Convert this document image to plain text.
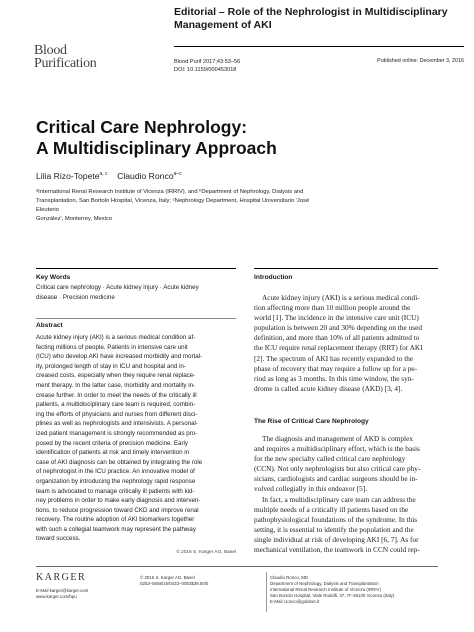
Editorial – Role of the Nephrologist in Multidisciplinary
Management of AKI
Blood
Purification	Blood Purif 2017;43:53–56
DOI: 10.1159/000453018
Published online: December 3, 2016
Critical Care Nephrology:
A Multidisciplinary Approach
Lilia Rizo-Topete$^{a, c}$ Claudio Ronco$^{a-c}$
ᵃInternational Renal Research Institute of Vicenza (IRRIV), and ᵇDepartment of Nephrology, Dialysis and
Transplantation, San Bortolo Hospital, Vicenza, Italy; ᶜNephrology Department, Hospital Universitario 'José Eleuterio
González', Monterrey, Mexico
Key Words
Critical care nephrology · Acute kidney injury · Acute kidney
disease · Precision medicine
Abstract
Acute kidney injury (AKI) is a serious medical condition af-
fecting millions of people. Patients in intensive care unit
(ICU) who develop AKI have increased morbidity and mortal-
ity, prolonged length of stay in ICU and hospital and in-
creased costs, especially when they require renal replace-
ment therapy. In the latter case, morbidity and mortality in-
crease further. In order to meet the needs of the critically ill
patients, a multidisciplinary care team is required, combin-
ing the efforts of physicians and nurses from different disci-
plines as well as nephrologists and intensivists. A personal-
ized patient management is strongly recommended as pro-
posed by the recent criteria of precision medicine. Early
identification of patients at risk and timely intervention in
case of AKI diagnosis can be obtained by integrating the role
of nephrologist in the ICU practice. An innovative model of
organization by introducing the nephrology rapid response
team is advocated to manage critically ill patients with kid-
ney problems in order to make early diagnosis and interven-
tions, to reduce progression toward CKD and improve renal
recovery. The routine adoption of AKI biomarkers together
with such a collegial teamwork may represent the pathway
toward success.
© 2016 S. Karger AG, Basel
Introduction
Acute kidney injury (AKI) is a serious medical condi-
tion affecting more than 10 million people around the
world [1]. The incidence in the intensive care unit (ICU)
population is between 20 and 30% depending on the used
definition, and more than 10% of all patients admitted to
the ICU require renal replacement therapy (RRT) for AKI
[2]. The spectrum of AKI has recently expanded to the
phase of recovery that may require a follow up for a pe-
riod as long as 3 months. In this time window, the syn-
drome is called acute kidney disease (AKD) [3, 4].
The Rise of Critical Care Nephrology
The diagnosis and management of AKD is complex
and requires a multidisciplinary effort, which is the basis
for the new specialty called critical care nephrology
(CCN). Not only nephrologists but also critical care phy-
sicians, cardiologists and cardiac surgeons should be in-
volved collegially in this endeavor [5].
In fact, a multidisciplinary care team can address the
multiple needs of a critically ill patients based on the
pathophysiological foundations of the syndrome. In this
setting, it is essential to identify the population and the
single individual at risk of developing AKI [6, 7]. As for
mechanical ventilation, the teamwork in CCN could rep-
KARGER
E-Mail karger@karger.com
www.karger.com/bpu
© 2016 S. Karger AG, Basel
0253–5068/16/0433–0053$39.50/0
Claudio Ronco, MD
Department of Nephrology, Dialysis and Transplantation
International Renal Research Institute of Vicenza (IRRIV)
San Bortolo Hospital, Viale Rodolfi, 37, IT–36100 Vicenza (Italy)
E-Mail cronco@goldnet.it
